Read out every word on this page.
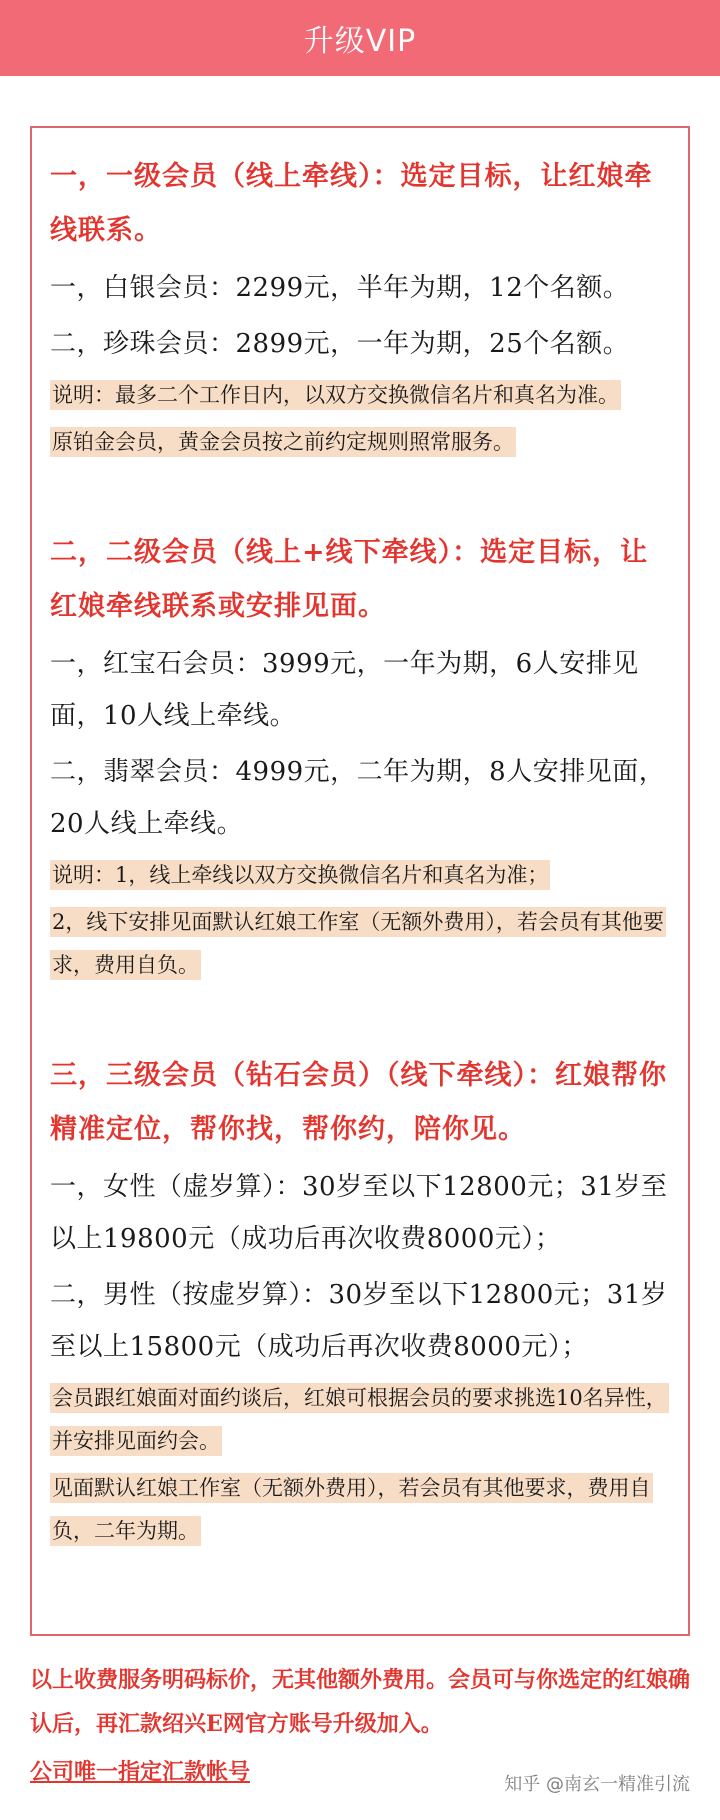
升级VIP
一，一级会员（线上牵线）：选定目标，让红娘牵线联系。
一，白银会员：2299元，半年为期，12个名额。
二，珍珠会员：2899元，一年为期，25个名额。
说明：最多二个工作日内，以双方交换微信名片和真名为准。
原铂金会员，黄金会员按之前约定规则照常服务。
二，二级会员（线上+线下牵线）：选定目标，让红娘牵线联系或安排见面。
一，红宝石会员：3999元，一年为期，6人安排见面，10人线上牵线。
二，翡翠会员：4999元，二年为期，8人安排见面，20人线上牵线。
说明：1，线上牵线以双方交换微信名片和真名为准；
2，线下安排见面默认红娘工作室（无额外费用），若会员有其他要求，费用自负。
三，三级会员（钻石会员）（线下牵线）：红娘帮你精准定位，帮你找，帮你约，陪你见。
一，女性（虚岁算）：30岁至以下12800元；31岁至以上19800元（成功后再次收费8000元）；
二，男性（按虚岁算）：30岁至以下12800元；31岁至以上15800元（成功后再次收费8000元）；
会员跟红娘面对面约谈后，红娘可根据会员的要求挑选10名异性，并安排见面约会。
见面默认红娘工作室（无额外费用），若会员有其他要求，费用自负，二年为期。
以上收费服务明码标价，无其他额外费用。会员可与你选定的红娘确认后，再汇款绍兴E网官方账号升级加入。
公司唯一指定汇款帐号	知乎 @南玄一精准引流
